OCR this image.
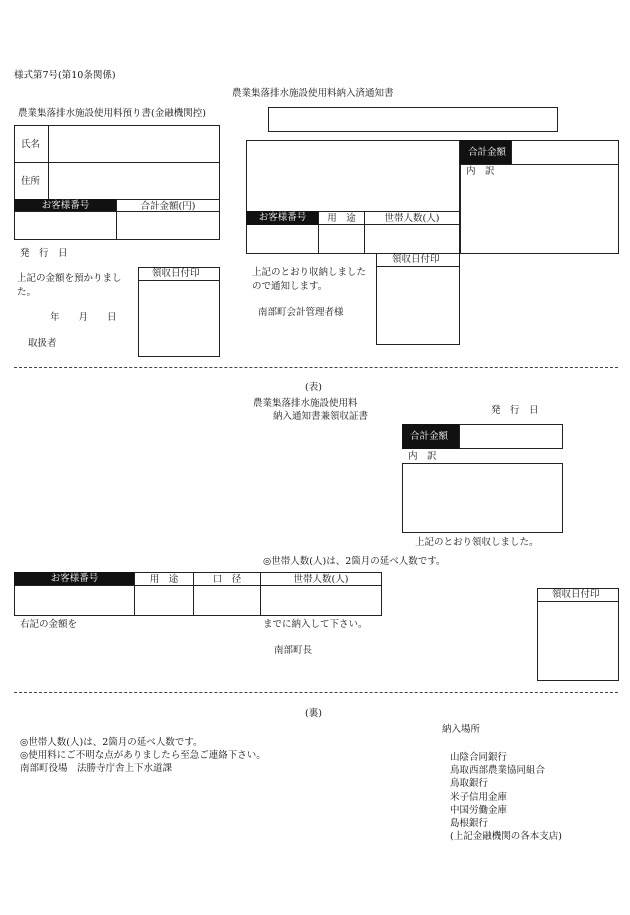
様式第7号(第10条関係)
農業集落排水施設使用料納入済通知書
農業集落排水施設使用料預り書(金融機関控)
氏名
住所
お客様番号	合計金額(円)
発　行　日
上記の金額を預かりました。
年　　月　　日
取扱者
領収日付印
お客様番号	用　途	世帯人数(人)
合計金額
内　訳
上記のとおり収納しましたので通知します。
南部町会計管理者様
領収日付印
(表)
農業集落排水施設使用料
納入通知書兼領収証書
発　行　日
合計金額
内　訳
上記のとおり領収しました。
◎世帯人数(人)は、2箇月の延べ人数です。
お客様番号	用　途	口　径	世帯人数(人)
右記の金額を	までに納入して下さい。
南部町長
領収日付印
(裏)
納入場所
◎世帯人数(人)は、2箇月の延べ人数です。
◎使用料にご不明な点がありましたら至急ご連絡下さい。
南部町役場　法勝寺庁舎上下水道課
山陰合同銀行
鳥取西部農業協同組合
鳥取銀行
米子信用金庫
中国労働金庫
島根銀行
(上記金融機関の各本支店)
